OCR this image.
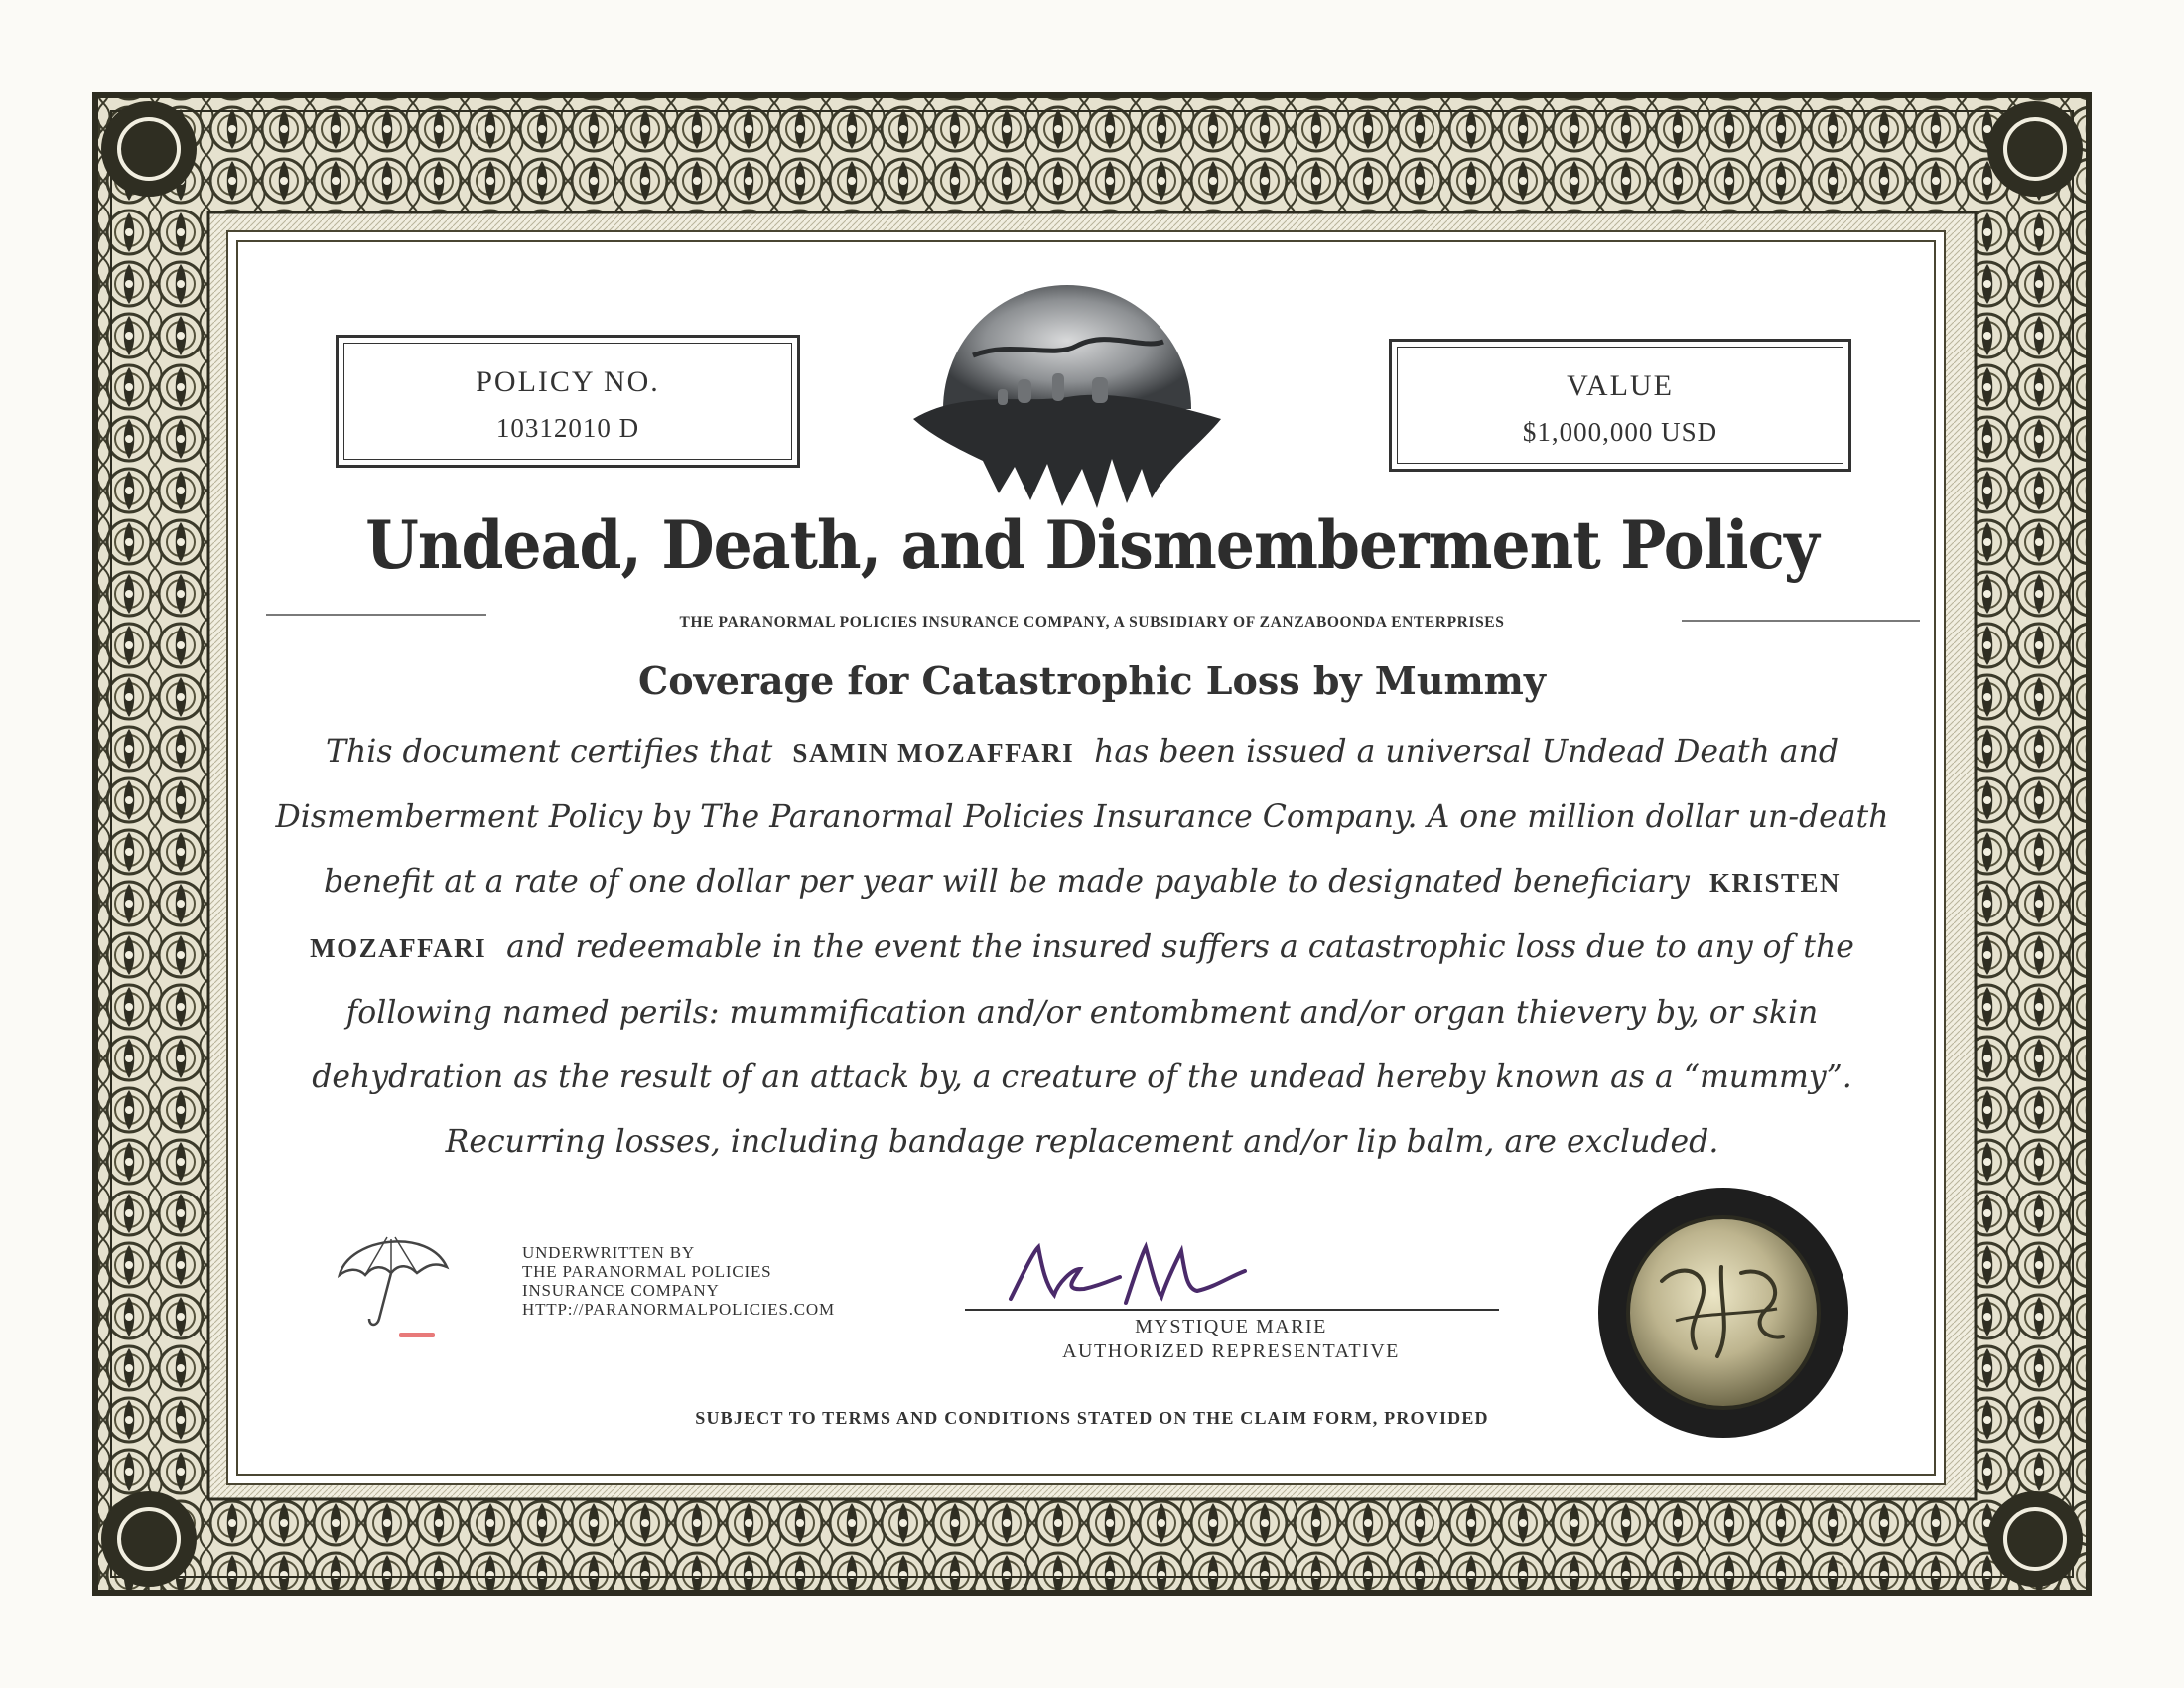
POLICY NO.
10312010 D
VALUE
$1,000,000 USD
Undead, Death, and Dismemberment Policy
THE PARANORMAL POLICIES INSURANCE COMPANY, A SUBSIDIARY OF ZANZABOONDA ENTERPRISES
Coverage for Catastrophic Loss by Mummy
This document certifies that SAMIN MOZAFFARI has been issued a universal Undead Death and Dismemberment Policy by The Paranormal Policies Insurance Company. A one million dollar un-death benefit at a rate of one dollar per year will be made payable to designated beneficiary KRISTEN MOZAFFARI and redeemable in the event the insured suffers a catastrophic loss due to any of the following named perils: mummification and/or entombment and/or organ thievery by, or skin dehydration as the result of an attack by, a creature of the undead hereby known as a “mummy”. Recurring losses, including bandage replacement and/or lip balm, are excluded.
UNDERWRITTEN BY
THE PARANORMAL POLICIES
INSURANCE COMPANY
HTTP://PARANORMALPOLICIES.COM
MYSTIQUE MARIE
AUTHORIZED REPRESENTATIVE
SUBJECT TO TERMS AND CONDITIONS STATED ON THE CLAIM FORM, PROVIDED
